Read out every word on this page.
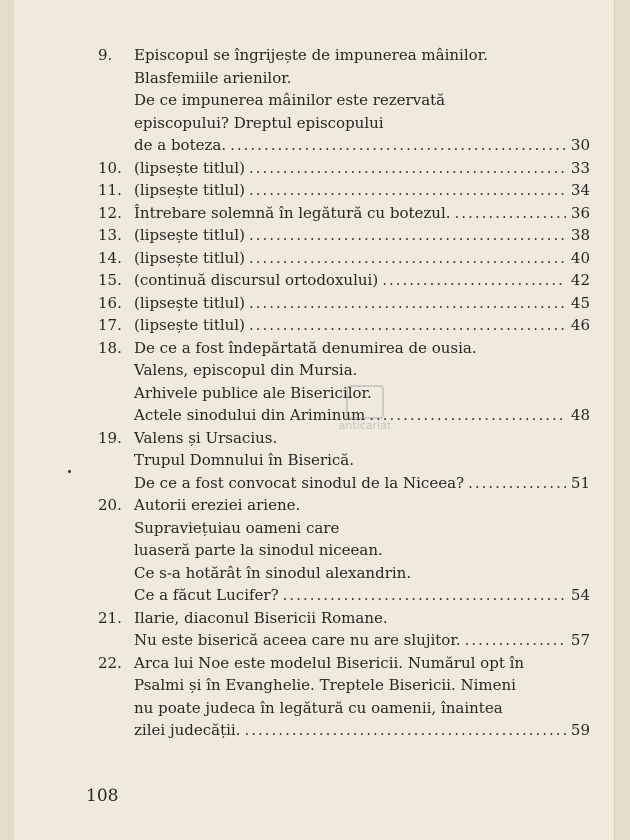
9.	Episcopul se îngrijește de impunerea mâinilor.
Blasfemiile arienilor.
De ce impunerea mâinilor este rezervată
episcopului? Dreptul episcopului
de a boteza. .....	30
10. (lipsește titlul) .....	33
11. (lipsește titlul) .....	34
12. Întrebare solemnă în legătură cu botezul. .....	36
13. (lipsește titlul) .....	38
14. (lipsește titlul) .....	40
15. (continuă discursul ortodoxului) .....	42
16. (lipsește titlul) .....	45
17. (lipsește titlul) .....	46
18. De ce a fost îndepărtată denumirea de ousia.
Valens, episcopul din Mursia.
Arhivele publice ale Bisericilor.
Actele sinodului din Ariminum .....	48
19. Valens și Ursacius.
Trupul Domnului în Biserică.
De ce a fost convocat sinodul de la Niceea? .....	51
20. Autorii ereziei ariene.
Supraviețuiau oameni care
luaseră parte la sinodul niceean.
Ce s-a hotărât în sinodul alexandrin.
Ce a făcut Lucifer? .....	54
21. Ilarie, diaconul Bisericii Romane.
Nu este biserică aceea care nu are slujitor. .....	57
22. Arca lui Noe este modelul Bisericii. Numărul opt în
Psalmi și în Evanghelie. Treptele Bisericii. Nimeni
nu poate judeca în legătură cu oamenii, înaintea
zilei judecății. .....	59
anticariat
108
